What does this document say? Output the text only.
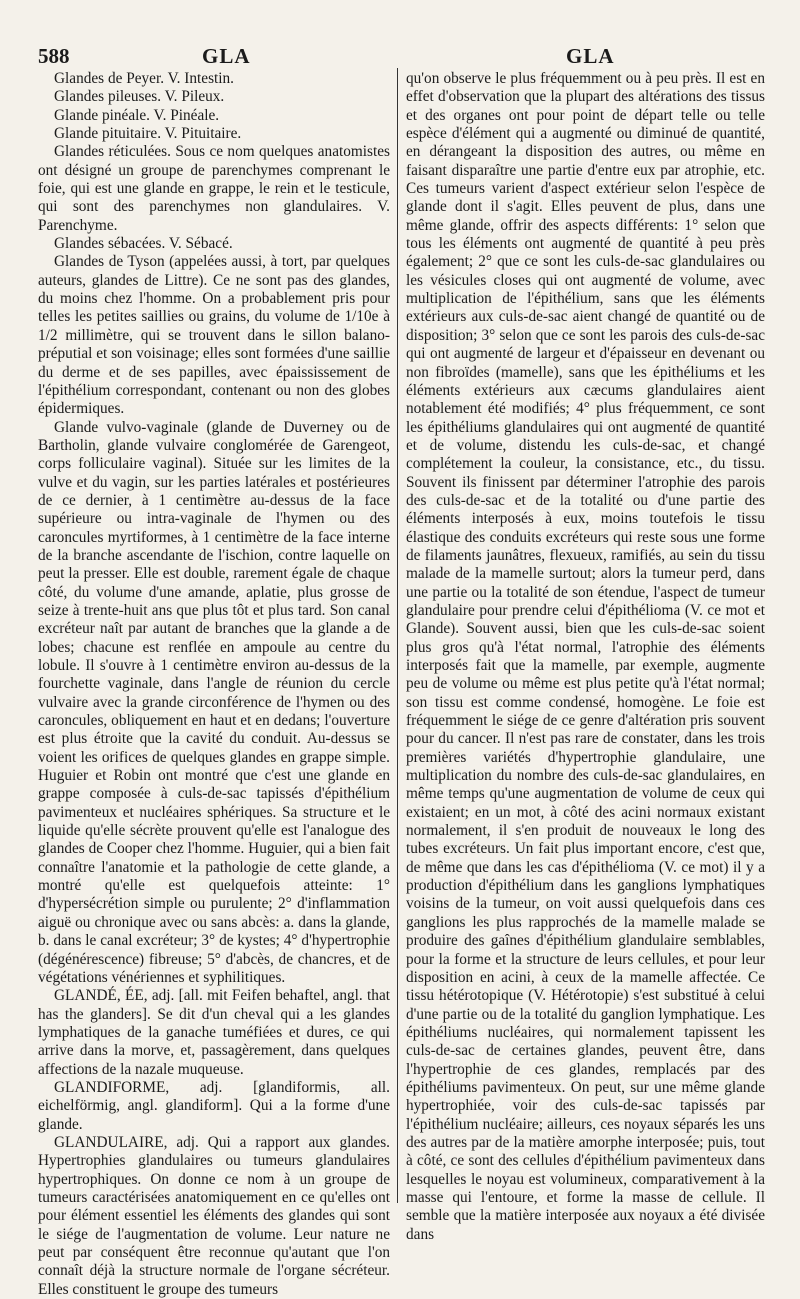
588	GLA	GLA

Glandes de Peyer. V. Intestin.

Glandes pileuses. V. Pileux.

Glande pinéale. V. Pinéale.

Glande pituitaire. V. Pituitaire.

Glandes réticulées. Sous ce nom quelques anatomistes ont désigné un groupe de parenchymes comprenant le foie, qui est une glande en grappe, le rein et le testicule, qui sont des parenchymes non glandulaires. V. Parenchyme.

Glandes sébacées. V. Sébacé.

Glandes de Tyson (appelées aussi, à tort, par quelques auteurs, glandes de Littre). Ce ne sont pas des glandes, du moins chez l'homme. On a probablement pris pour telles les petites saillies ou grains, du volume de 1/10e à 1/2 millimètre, qui se trouvent dans le sillon balano-préputial et son voisinage; elles sont formées d'une saillie du derme et de ses papilles, avec épaississement de l'épithélium correspondant, contenant ou non des globes épidermiques.

Glande vulvo-vaginale (glande de Duverney ou de Bartholin, glande vulvaire conglomérée de Garengeot, corps folliculaire vaginal). Située sur les limites de la vulve et du vagin, sur les parties latérales et postérieures de ce dernier, à 1 centimètre au-dessus de la face supérieure ou intra-vaginale de l'hymen ou des caroncules myrtiformes, à 1 centimètre de la face interne de la branche ascendante de l'ischion, contre laquelle on peut la presser. Elle est double, rarement égale de chaque côté, du volume d'une amande, aplatie, plus grosse de seize à trente-huit ans que plus tôt et plus tard. Son canal excréteur naît par autant de branches que la glande a de lobes; chacune est renflée en ampoule au centre du lobule. Il s'ouvre à 1 centimètre environ au-dessus de la fourchette vaginale, dans l'angle de réunion du cercle vulvaire avec la grande circonférence de l'hymen ou des caroncules, obliquement en haut et en dedans; l'ouverture est plus étroite que la cavité du conduit. Au-dessus se voient les orifices de quelques glandes en grappe simple. Huguier et Robin ont montré que c'est une glande en grappe composée à culs-de-sac tapissés d'épithélium pavimenteux et nucléaires sphériques. Sa structure et le liquide qu'elle sécrète prouvent qu'elle est l'analogue des glandes de Cooper chez l'homme. Huguier, qui a bien fait connaître l'anatomie et la pathologie de cette glande, a montré qu'elle est quelquefois atteinte: 1° d'hypersécrétion simple ou purulente; 2° d'inflammation aiguë ou chronique avec ou sans abcès: a. dans la glande, b. dans le canal excréteur; 3° de kystes; 4° d'hypertrophie (dégénérescence) fibreuse; 5° d'abcès, de chancres, et de végétations vénériennes et syphilitiques.

GLANDÉ, ÉE, adj. [all. mit Feifen behaftel, angl. that has the glanders]. Se dit d'un cheval qui a les glandes lymphatiques de la ganache tuméfiées et dures, ce qui arrive dans la morve, et, passagèrement, dans quelques affections de la nazale muqueuse.

GLANDIFORME, adj. [glandiformis, all. eichelförmig, angl. glandiform]. Qui a la forme d'une glande.

GLANDULAIRE, adj. Qui a rapport aux glandes. Hypertrophies glandulaires ou tumeurs glandulaires hypertrophiques. On donne ce nom à un groupe de tumeurs caractérisées anatomiquement en ce qu'elles ont pour élément essentiel les éléments des glandes qui sont le siége de l'augmentation de volume. Leur nature ne peut par conséquent être reconnue qu'autant que l'on connaît déjà la structure normale de l'organe sécréteur. Elles constituent le groupe des tumeurs

qu'on observe le plus fréquemment ou à peu près. Il est en effet d'observation que la plupart des altérations des tissus et des organes ont pour point de départ telle ou telle espèce d'élément qui a augmenté ou diminué de quantité, en dérangeant la disposition des autres, ou même en faisant disparaître une partie d'entre eux par atrophie, etc. Ces tumeurs varient d'aspect extérieur selon l'espèce de glande dont il s'agit. Elles peuvent de plus, dans une même glande, offrir des aspects différents: 1° selon que tous les éléments ont augmenté de quantité à peu près également; 2° que ce sont les culs-de-sac glandulaires ou les vésicules closes qui ont augmenté de volume, avec multiplication de l'épithélium, sans que les éléments extérieurs aux culs-de-sac aient changé de quantité ou de disposition; 3° selon que ce sont les parois des culs-de-sac qui ont augmenté de largeur et d'épaisseur en devenant ou non fibroïdes (mamelle), sans que les épithéliums et les éléments extérieurs aux cæcums glandulaires aient notablement été modifiés; 4° plus fréquemment, ce sont les épithéliums glandulaires qui ont augmenté de quantité et de volume, distendu les culs-de-sac, et changé complétement la couleur, la consistance, etc., du tissu. Souvent ils finissent par déterminer l'atrophie des parois des culs-de-sac et de la totalité ou d'une partie des éléments interposés à eux, moins toutefois le tissu élastique des conduits excréteurs qui reste sous une forme de filaments jaunâtres, flexueux, ramifiés, au sein du tissu malade de la mamelle surtout; alors la tumeur perd, dans une partie ou la totalité de son étendue, l'aspect de tumeur glandulaire pour prendre celui d'épithélioma (V. ce mot et Glande). Souvent aussi, bien que les culs-de-sac soient plus gros qu'à l'état normal, l'atrophie des éléments interposés fait que la mamelle, par exemple, augmente peu de volume ou même est plus petite qu'à l'état normal; son tissu est comme condensé, homogène. Le foie est fréquemment le siége de ce genre d'altération pris souvent pour du cancer. Il n'est pas rare de constater, dans les trois premières variétés d'hypertrophie glandulaire, une multiplication du nombre des culs-de-sac glandulaires, en même temps qu'une augmentation de volume de ceux qui existaient; en un mot, à côté des acini normaux existant normalement, il s'en produit de nouveaux le long des tubes excréteurs. Un fait plus important encore, c'est que, de même que dans les cas d'épithélioma (V. ce mot) il y a production d'épithélium dans les ganglions lymphatiques voisins de la tumeur, on voit aussi quelquefois dans ces ganglions les plus rapprochés de la mamelle malade se produire des gaînes d'épithélium glandulaire semblables, pour la forme et la structure de leurs cellules, et pour leur disposition en acini, à ceux de la mamelle affectée. Ce tissu hétérotopique (V. Hétérotopie) s'est substitué à celui d'une partie ou de la totalité du ganglion lymphatique. Les épithéliums nucléaires, qui normalement tapissent les culs-de-sac de certaines glandes, peuvent être, dans l'hypertrophie de ces glandes, remplacés par des épithéliums pavimenteux. On peut, sur une même glande hypertrophiée, voir des culs-de-sac tapissés par l'épithélium nucléaire; ailleurs, ces noyaux séparés les uns des autres par de la matière amorphe interposée; puis, tout à côté, ce sont des cellules d'épithélium pavimenteux dans lesquelles le noyau est volumineux, comparativement à la masse qui l'entoure, et forme la masse de cellule. Il semble que la matière interposée aux noyaux a été divisée dans
